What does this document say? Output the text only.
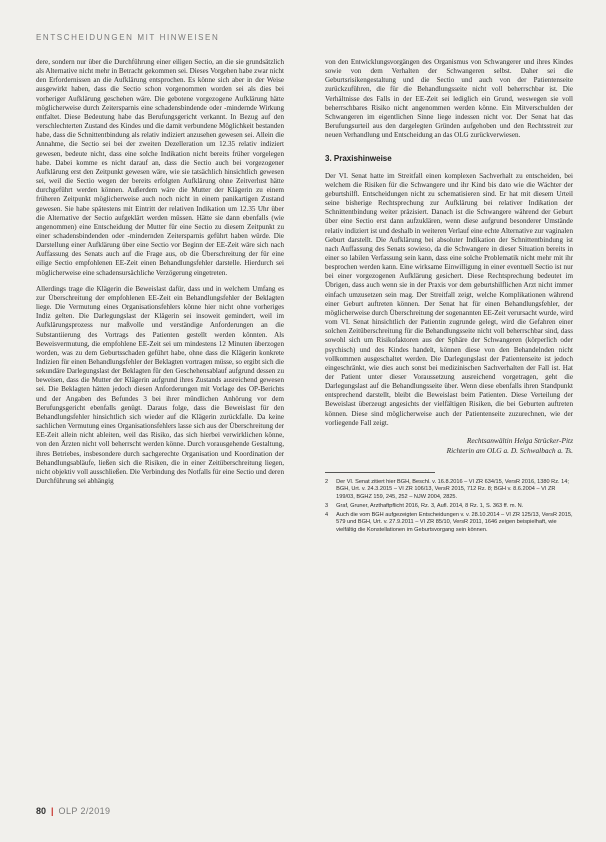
ENTSCHEIDUNGEN MIT HINWEISEN

dere, sondern nur über die Durchführung einer eiligen Sectio, an die sie grundsätzlich als Alternative nicht mehr in Betracht gekommen sei. Dieses Vorgehen habe zwar nicht den Erfordernissen an die Aufklärung entsprochen. Es könne sich aber in der Weise ausgewirkt haben, dass die Sectio schon vorgenommen worden sei als dies bei vorheriger Aufklärung geschehen wäre. Die gebotene vorgezogene Aufklärung hätte möglicherweise durch Zeitersparnis eine schadensbindende oder -mindernde Wirkung entfaltet. Diese Bedeutung habe das Berufungsgericht verkannt. In Bezug auf den verschlechterten Zustand des Kindes und die damit verbundene Möglichkeit bestanden habe, dass die Schnittentbindung als relativ indiziert anzusehen gewesen sei. Allein die Annahme, die Sectio sei bei der zweiten Dezelleration um 12.35 relativ indiziert gewesen, bedeute nicht, dass eine solche Indikation nicht bereits früher vorgelegen habe. Dabei komme es nicht darauf an, dass die Sectio auch bei vorgezogener Aufklärung erst den Zeitpunkt gewesen wäre, wie sie tatsächlich hinsichtlich gewesen sei, weil die Sectio wegen der bereits erfolgten Aufklärung ohne Zeitverlust hätte durchgeführt werden können. Außerdem wäre die Mutter der Klägerin zu einem früheren Zeitpunkt möglicherweise auch noch nicht in einem panikartigen Zustand gewesen. Sie habe spätestens mit Eintritt der relativen Indikation um 12.35 Uhr über die Alternative der Sectio aufgeklärt werden müssen. Hätte sie dann ebenfalls (wie angenommen) eine Entscheidung der Mutter für eine Sectio zu diesem Zeitpunkt zu einer schadensbindenden oder -mindernden Zeitersparnis geführt haben würde. Die Darstellung einer Aufklärung über eine Sectio vor Beginn der EE-Zeit wäre sich nach Auffassung des Senats auch auf die Frage aus, ob die Überschreitung der für eine eilige Sectio empfohlenen EE-Zeit einen Behandlungsfehler darstelle. Hierdurch sei möglicherweise eine schadensursächliche Verzögerung eingetreten.

Allerdings trage die Klägerin die Beweislast dafür, dass und in welchem Umfang es zur Überschreitung der empfohlenen EE-Zeit ein Behandlungsfehler der Beklagten liege. Die Vermutung eines Organisationsfehlers könne hier nicht ohne vorheriges Indiz gelten. Die Darlegungslast der Klägerin sei insoweit gemindert, weil im Aufklärungsprozess nur maßvolle und verständige Anforderungen an die Substantiierung des Vortrags des Patienten gestellt werden könnten. Als Beweisvermutung, die empfohlene EE-Zeit sei um mindestens 12 Minuten überzogen worden, was zu dem Geburtsschaden geführt habe, ohne dass die Klägerin konkrete Indizien für einen Behandlungsfehler der Beklagten vortragen müsse, so ergibt sich die sekundäre Darlegungslast der Beklagten für den Geschehensablauf aufgrund dessen zu beweisen, dass die Mutter der Klägerin aufgrund ihres Zustands ausreichend gewesen sei. Die Beklagten hätten jedoch diesen Anforderungen mit Vorlage des OP-Berichts und der Angaben des Befundes 3 bei ihrer mündlichen Anhörung vor dem Berufungsgericht ebenfalls genügt. Daraus folge, dass die Beweislast für den Behandlungsfehler hinsichtlich sich wieder auf die Klägerin zurückfalle. Da keine sachlichen Vermutung eines Organisationsfehlers lasse sich aus der Überschreitung der EE-Zeit allein nicht ableiten, weil das Risiko, das sich hierbei verwirklichen könne, von den Ärzten nicht voll beherrscht werden könne. Durch vorausgehende Gestaltung, ihres Betriebes, insbesondere durch sachgerechte Organisation und Koordination der Behandlungsabläufe, ließen sich die Risiken, die in einer Zeitüberschreitung liegen, nicht objektiv voll ausschließen. Die Verbindung des Notfalls für eine Sectio und deren Durchführung sei abhängig

von den Entwicklungsvorgängen des Organismus von Schwangerer und ihres Kindes sowie von dem Verhalten der Schwangeren selbst. Daher sei die Geburtsrisikengestaltung und die Sectio und auch von der Patientenseite zurückzuführen, die für die Behandlungsseite nicht voll beherrschbar ist. Die Verhältnisse des Falls in der EE-Zeit sei lediglich ein Grund, weswegen sie voll beherrschbares Risiko nicht angenommen werden könne. Ein Mitverschulden der Schwangeren im eigentlichen Sinne liege indessen nicht vor. Der Senat hat das Berufungsurteil aus den dargelegten Gründen aufgehoben und den Rechtsstreit zur neuen Verhandlung und Entscheidung an das OLG zurückverwiesen.

3. Praxishinweise

Der VI. Senat hatte im Streitfall einen komplexen Sachverhalt zu entscheiden, bei welchem die Risiken für die Schwangere und ihr Kind bis dato wie die Wächter der geburtshilfl. Entscheidungen nicht zu schematisieren sind. Er hat mit diesem Urteil seine bisherige Rechtsprechung zur Aufklärung bei relativer Indikation der Schnittentbindung weiter präzisiert. Danach ist die Schwangere während der Geburt über eine Sectio erst dann aufzuklären, wenn diese aufgrund besonderer Umstände relativ indiziert ist und deshalb in weiteren Verlauf eine echte Alternative zur vaginalen Geburt darstellt. Die Aufklärung bei absoluter Indikation der Schnittentbindung ist nach Auffassung des Senats sowieso, da die Schwangere in dieser Situation bereits in einer so labilen Verfassung sein kann, dass eine solche Problematik nicht mehr mit ihr besprochen werden kann. Eine wirksame Einwilligung in einer eventuell Sectio ist nur bei einer vorgezogenen Aufklärung gesichert. Diese Rechtsprechung bedeutet im Übrigen, dass auch wenn sie in der Praxis vor dem geburtshilflichen Arzt nicht immer einfach umzusetzen sein mag. Der Streitfall zeigt, welche Komplikationen während einer Geburt auftreten können. Der Senat hat für einen Behandlungsfehler, der möglicherweise durch Überschreitung der sogenannten EE-Zeit verursacht wurde, wird vom VI. Senat hinsichtlich der Patientin zugrunde gelegt, wird die Gefahren einer solchen Zeitüberschreitung für die Behandlungsseite nicht voll beherrschbar sind, dass sowohl sich um Risikofaktoren aus der Sphäre der Schwangeren (körperlich oder psychisch) und des Kindes handelt, können diese von den Behandelnden nicht vollkommen ausgeschaltet werden. Die Darlegungslast der Patientenseite ist jedoch eingeschränkt, wie dies auch sonst bei medizinischen Sachverhalten der Fall ist. Hat der Patient unter dieser Voraussetzung ausreichend vorgetragen, geht die Darlegungslast auf die Behandlungsseite über. Wenn diese ebenfalls ihren Standpunkt entsprechend darstellt, bleibt die Beweislast beim Patienten. Diese Verteilung der Beweislast überzeugt angesichts der vielfältigen Risiken, die bei Geburten auftreten können. Diese sind möglicherweise auch der Patientenseite zuzurechnen, wie der vorliegende Fall zeigt.

Rechtsanwältin Helga Strücker-Pitz
Richterin am OLG a. D. Schwalbach a. Ts.
2 Der VI. Senat zitiert hier BGH, Beschl. v. 16.8.2016 – VI ZR 634/15, VersR 2016, 1380 Rz. 14; BGH, Urt. v. 24.3.2015 – VI ZR 106/13, VersR 2015, 712 Rz. 8; BGH v. 8.6.2004 – VI ZR 199/03, BGHZ 159, 245, 252 – NJW 2004, 2825.
3 Graf, Gruner, Arzthaftpflicht 2016, Rz. 3, Aufl. 2014, 8 Rz. 1, S. 363 ff. m. N.
4 Auch die vom BGH aufgezeigten Entscheidungen v. v. 28.10.2014 – VI ZR 125/13, VersR 2015, 579 und BGH, Urt. v. 27.9.2011 – VI ZR 85/10, VersR 2011, 1646 zeigen beispielhaft, wie vielfältig die Konstellationen im Geburtsvorgang sein können.
80 | OLP 2/2019
